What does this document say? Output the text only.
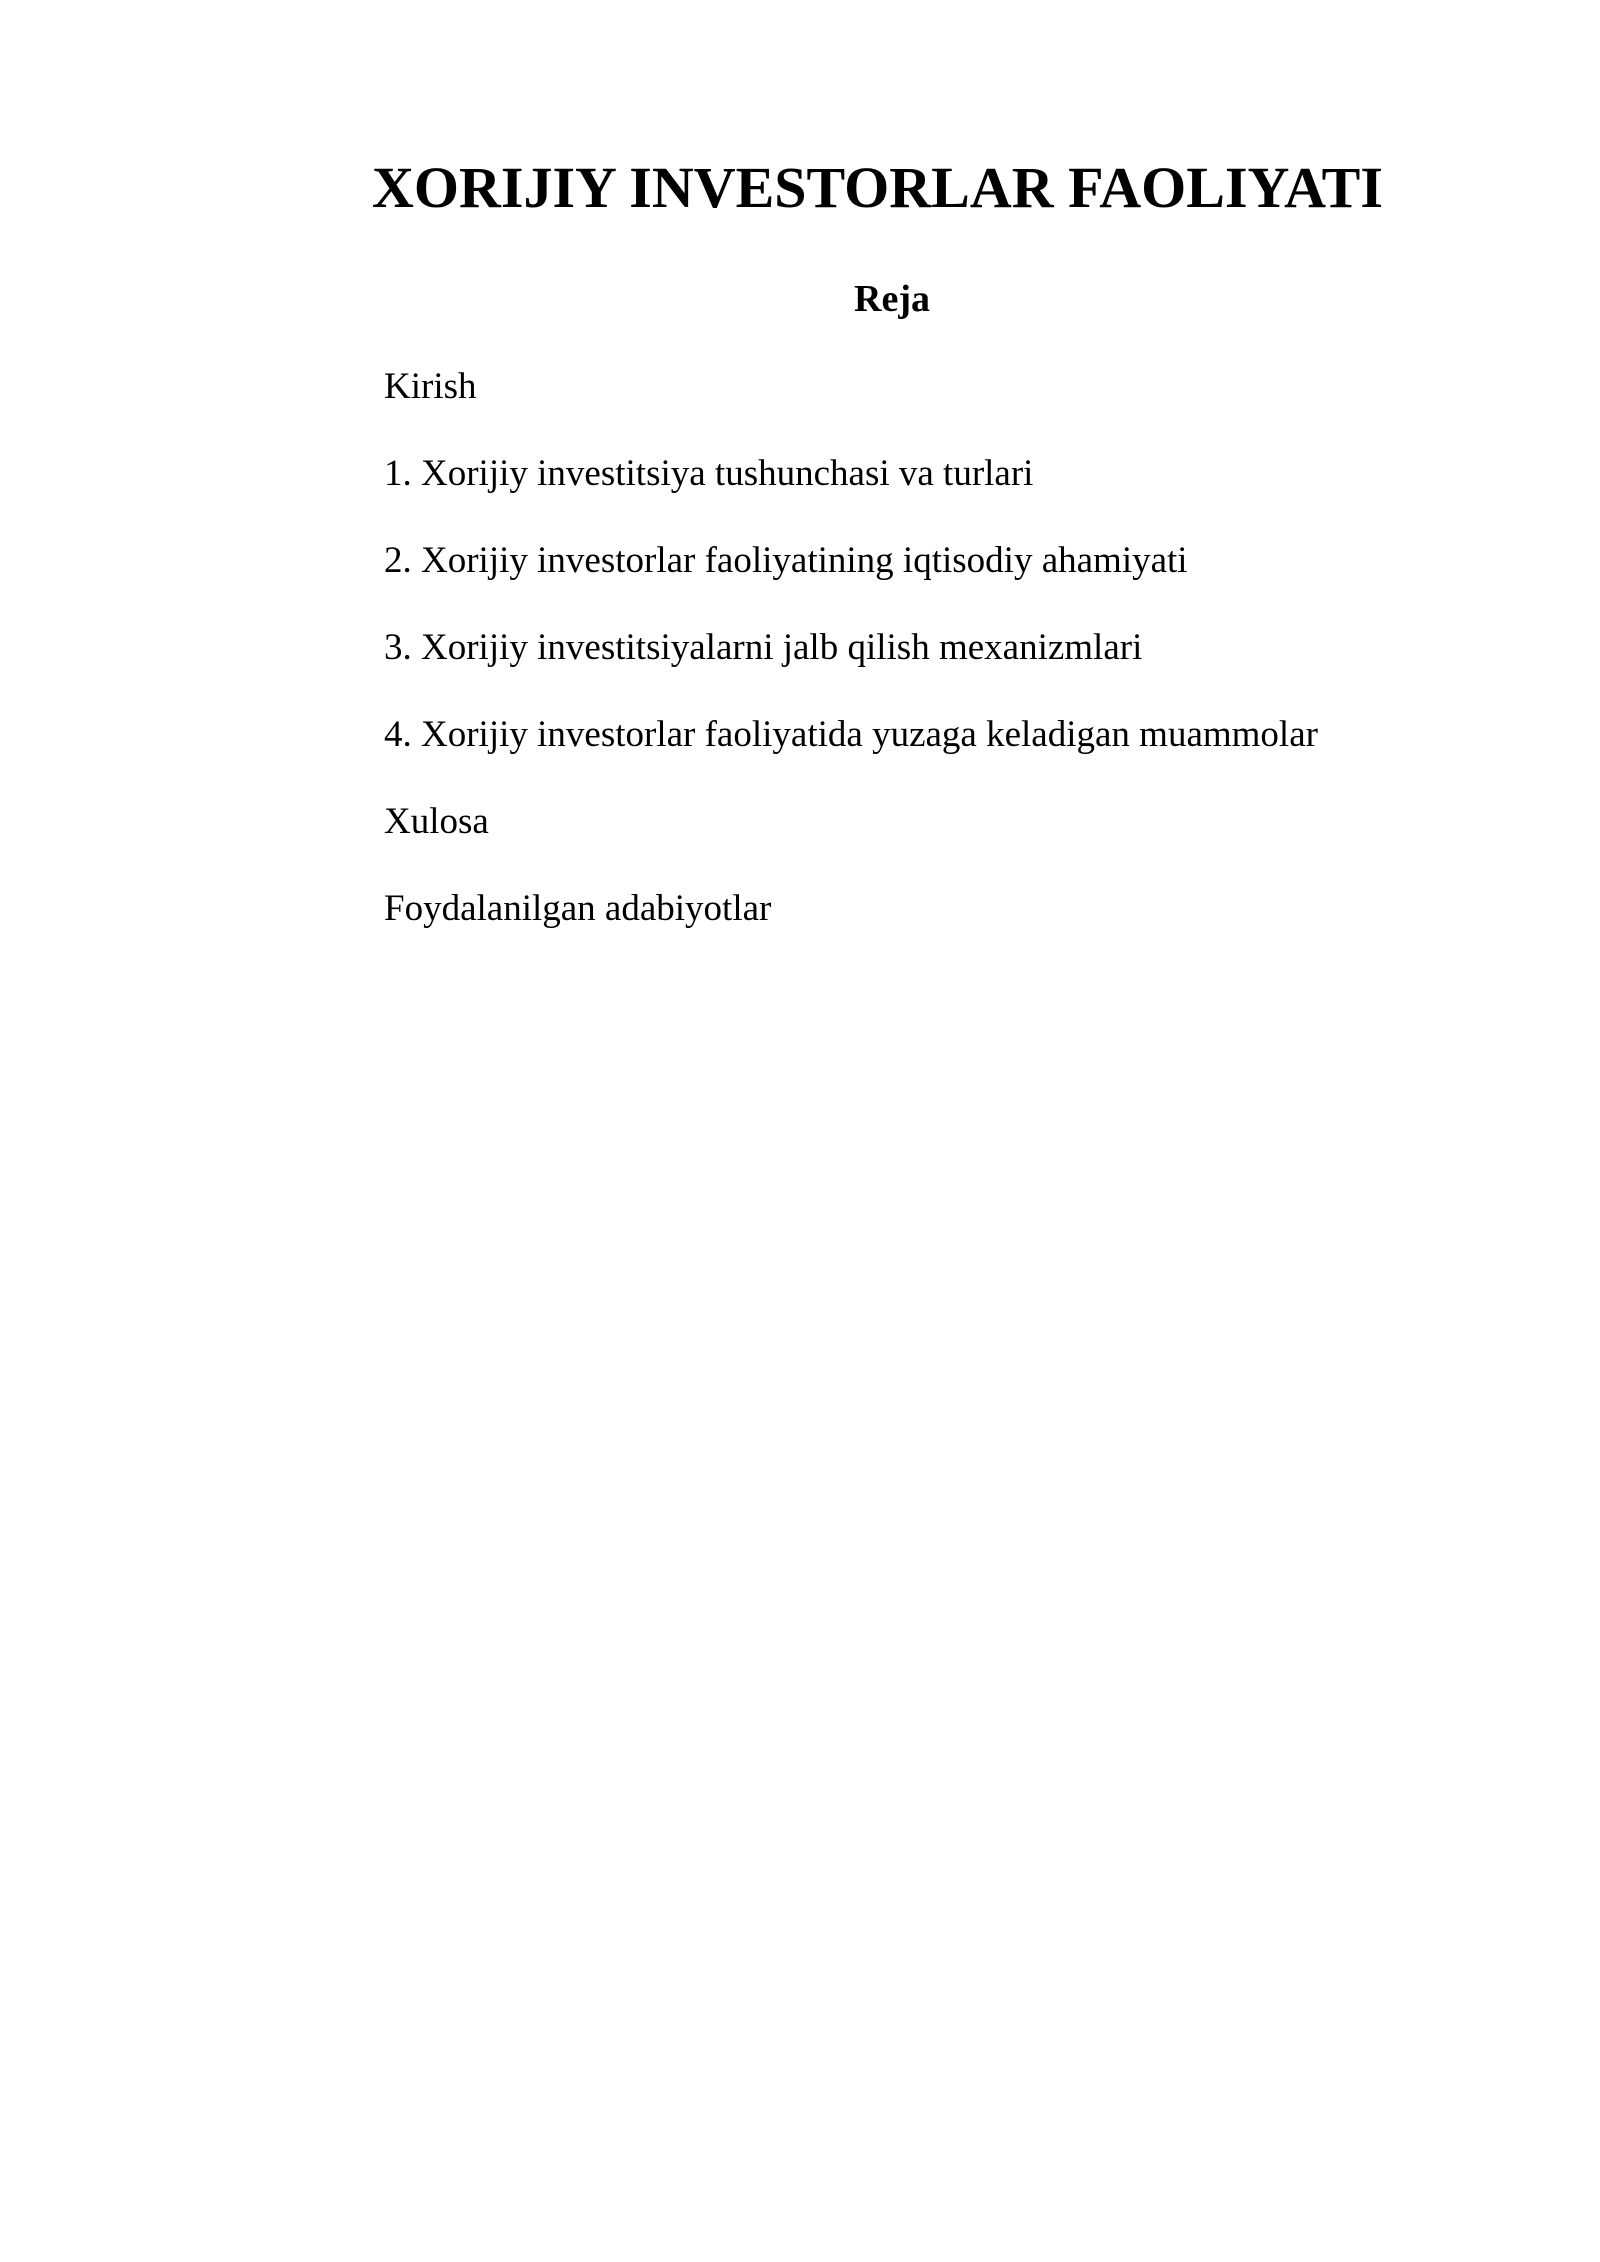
XORIJIY INVESTORLAR FAOLIYATI
Reja
Kirish
1. Xorijiy investitsiya tushunchasi va turlari
2. Xorijiy investorlar faoliyatining iqtisodiy ahamiyati
3. Xorijiy investitsiyalarni jalb qilish mexanizmlari
4. Xorijiy investorlar faoliyatida yuzaga keladigan muammolar
Xulosa
Foydalanilgan adabiyotlar
